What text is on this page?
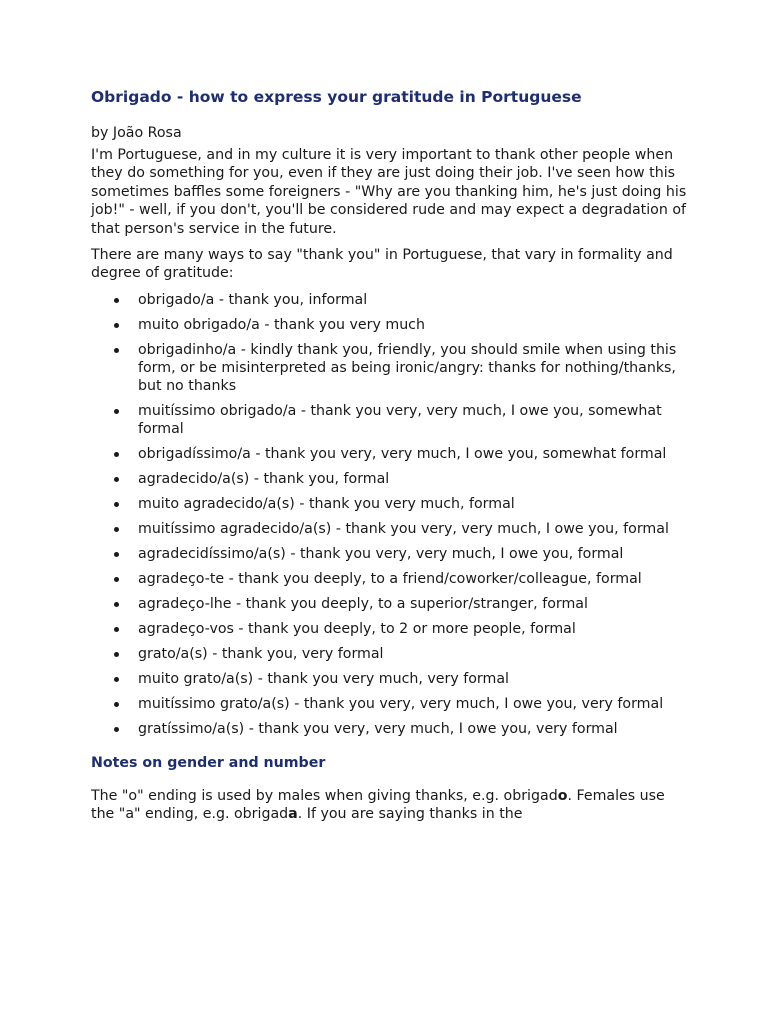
Obrigado - how to express your gratitude in Portuguese

by João Rosa

I'm Portuguese, and in my culture it is very important to thank other people when they do something for you, even if they are just doing their job. I've seen how this sometimes baffles some foreigners - "Why are you thanking him, he's just doing his job!" - well, if you don't, you'll be considered rude and may expect a degradation of that person's service in the future.

There are many ways to say "thank you" in Portuguese, that vary in formality and degree of gratitude:

obrigado/a - thank you, informal
muito obrigado/a - thank you very much
obrigadinho/a - kindly thank you, friendly, you should smile when using this form, or be misinterpreted as being ironic/angry: thanks for nothing/thanks, but no thanks
muitíssimo obrigado/a - thank you very, very much, I owe you, somewhat formal
obrigadíssimo/a - thank you very, very much, I owe you, somewhat formal
agradecido/a(s) - thank you, formal
muito agradecido/a(s) - thank you very much, formal
muitíssimo agradecido/a(s) - thank you very, very much, I owe you, formal
agradecidíssimo/a(s) - thank you very, very much, I owe you, formal
agradeço-te - thank you deeply, to a friend/coworker/colleague, formal
agradeço-lhe - thank you deeply, to a superior/stranger, formal
agradeço-vos - thank you deeply, to 2 or more people, formal
grato/a(s) - thank you, very formal
muito grato/a(s) - thank you very much, very formal
muitíssimo grato/a(s) - thank you very, very much, I owe you, very formal
gratíssimo/a(s) - thank you very, very much, I owe you, very formal
Notes on gender and number

The "o" ending is used by males when giving thanks, e.g. obrigado. Females use the "a" ending, e.g. obrigada. If you are saying thanks in the
